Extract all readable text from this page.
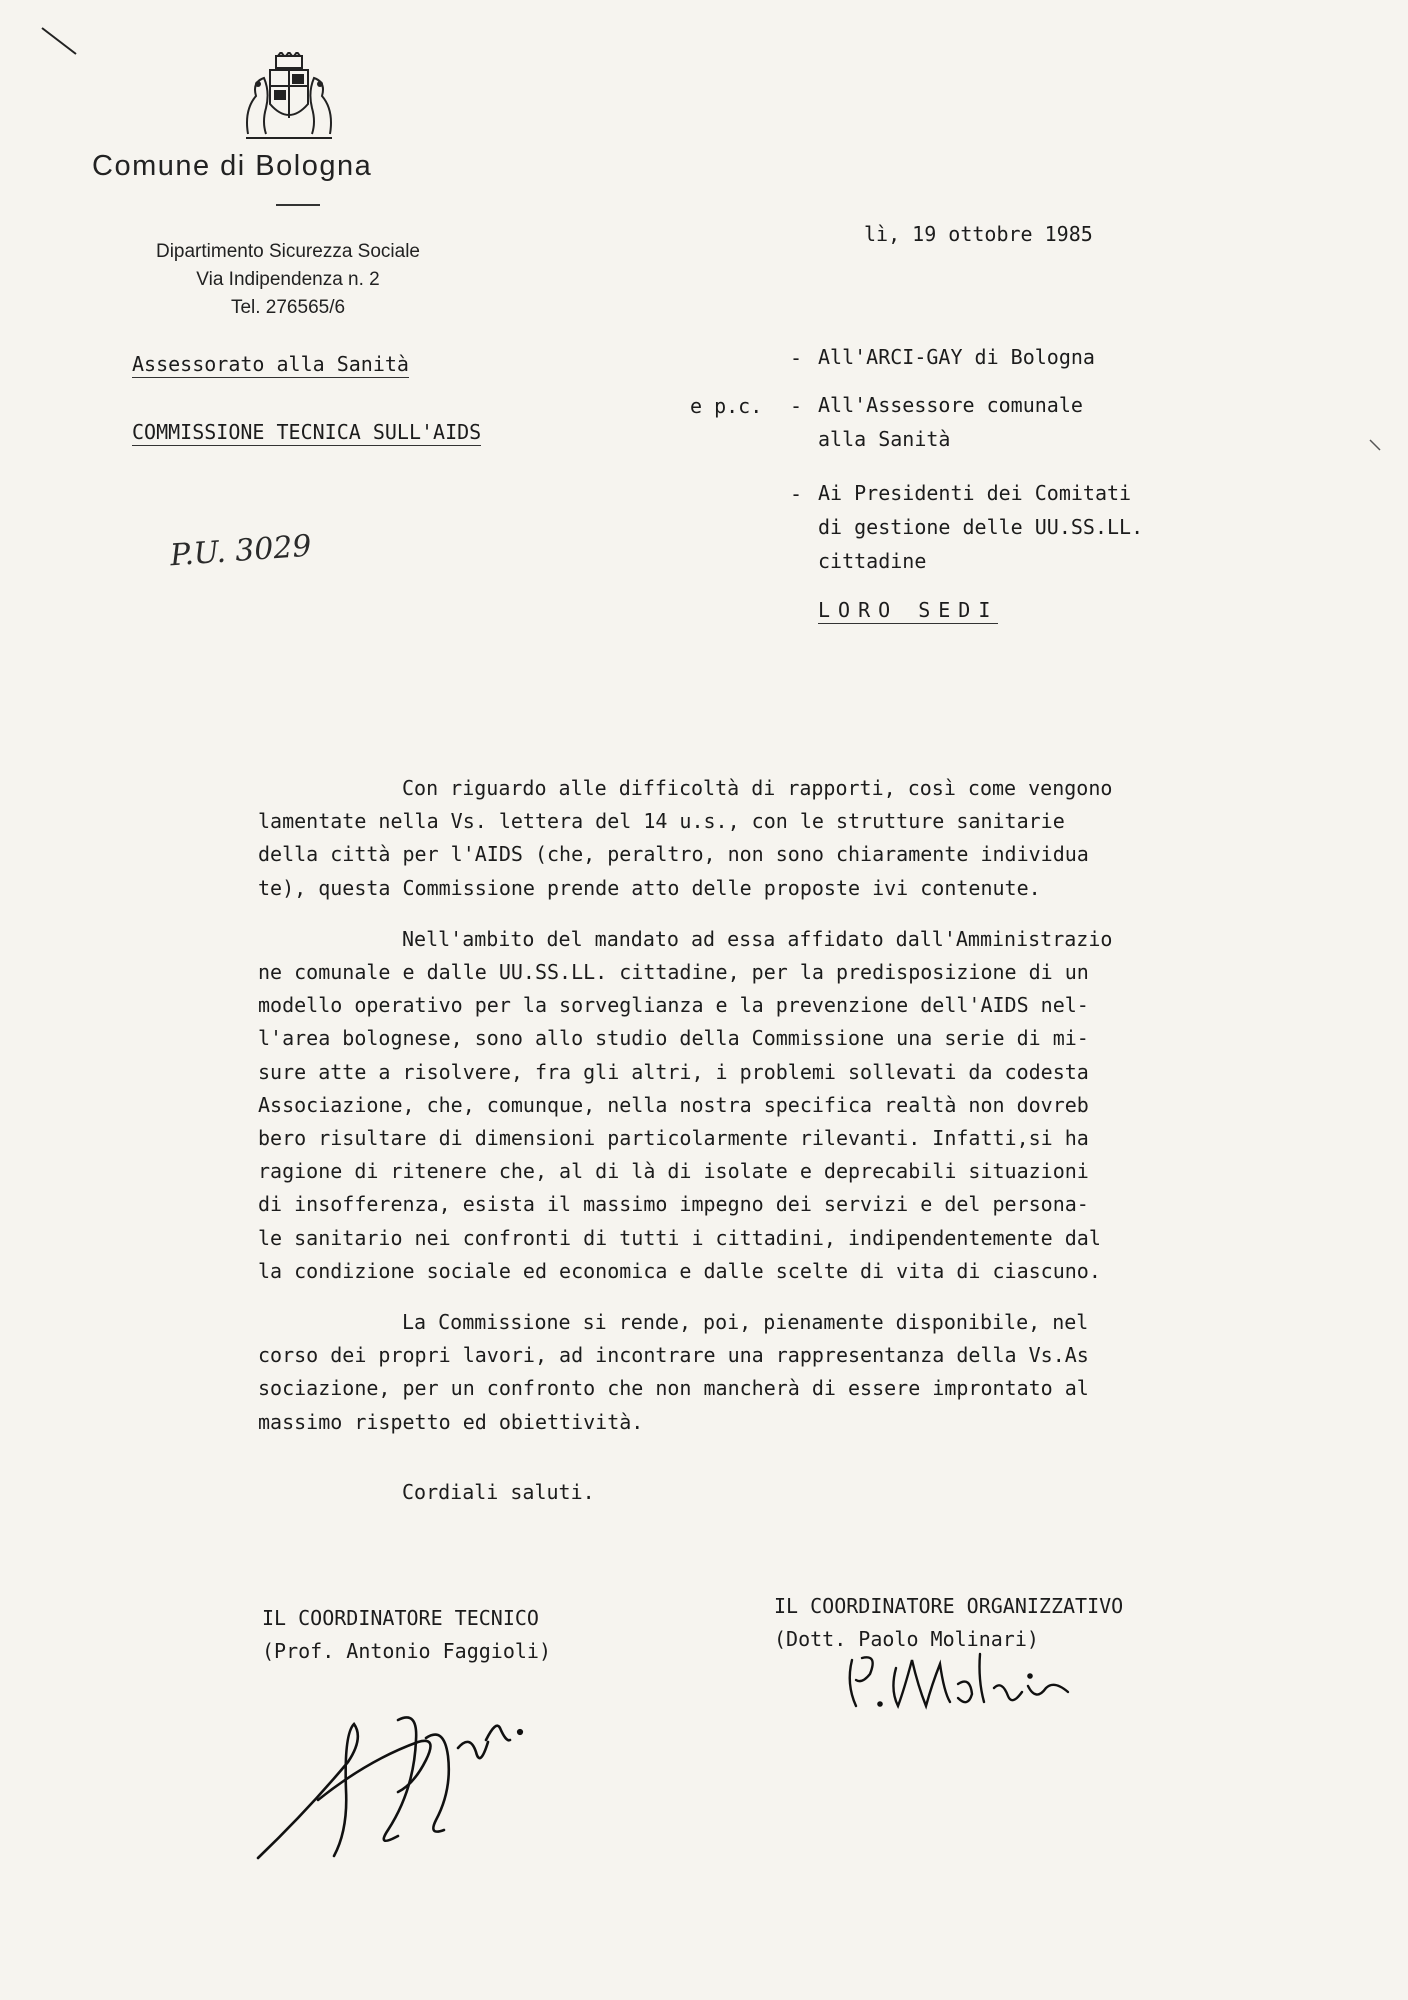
Comune di Bologna
Dipartimento Sicurezza Sociale
Via Indipendenza n. 2
Tel. 276565/6
Assessorato alla Sanità
COMMISSIONE TECNICA SULL'AIDS
P.U. 3029
lì, 19 ottobre 1985
- All'ARCI-GAY di Bologna
e p.c. - All'Assessore comunale
alla Sanità
- Ai Presidenti dei Comitati
di gestione delle UU.SS.LL.
cittadine
LORO SEDI
Con riguardo alle difficoltà di rapporti, così come vengono
lamentate nella Vs. lettera del 14 u.s., con le strutture sanitarie
della città per l'AIDS (che, peraltro, non sono chiaramente individua
te), questa Commissione prende atto delle proposte ivi contenute.
Nell'ambito del mandato ad essa affidato dall'Amministrazio
ne comunale e dalle UU.SS.LL. cittadine, per la predisposizione di un
modello operativo per la sorveglianza e la prevenzione dell'AIDS nel-
l'area bolognese, sono allo studio della Commissione una serie di mi-
sure atte a risolvere, fra gli altri, i problemi sollevati da codesta
Associazione, che, comunque, nella nostra specifica realtà non dovreb
bero risultare di dimensioni particolarmente rilevanti. Infatti,si ha
ragione di ritenere che, al di là di isolate e deprecabili situazioni
di insofferenza, esista il massimo impegno dei servizi e del persona-
le sanitario nei confronti di tutti i cittadini, indipendentemente dal
la condizione sociale ed economica e dalle scelte di vita di ciascuno.
La Commissione si rende, poi, pienamente disponibile, nel
corso dei propri lavori, ad incontrare una rappresentanza della Vs.As
sociazione, per un confronto che non mancherà di essere improntato al
massimo rispetto ed obiettività.
Cordiali saluti.
IL COORDINATORE TECNICO
(Prof. Antonio Faggioli)
IL COORDINATORE ORGANIZZATIVO
(Dott. Paolo Molinari)
